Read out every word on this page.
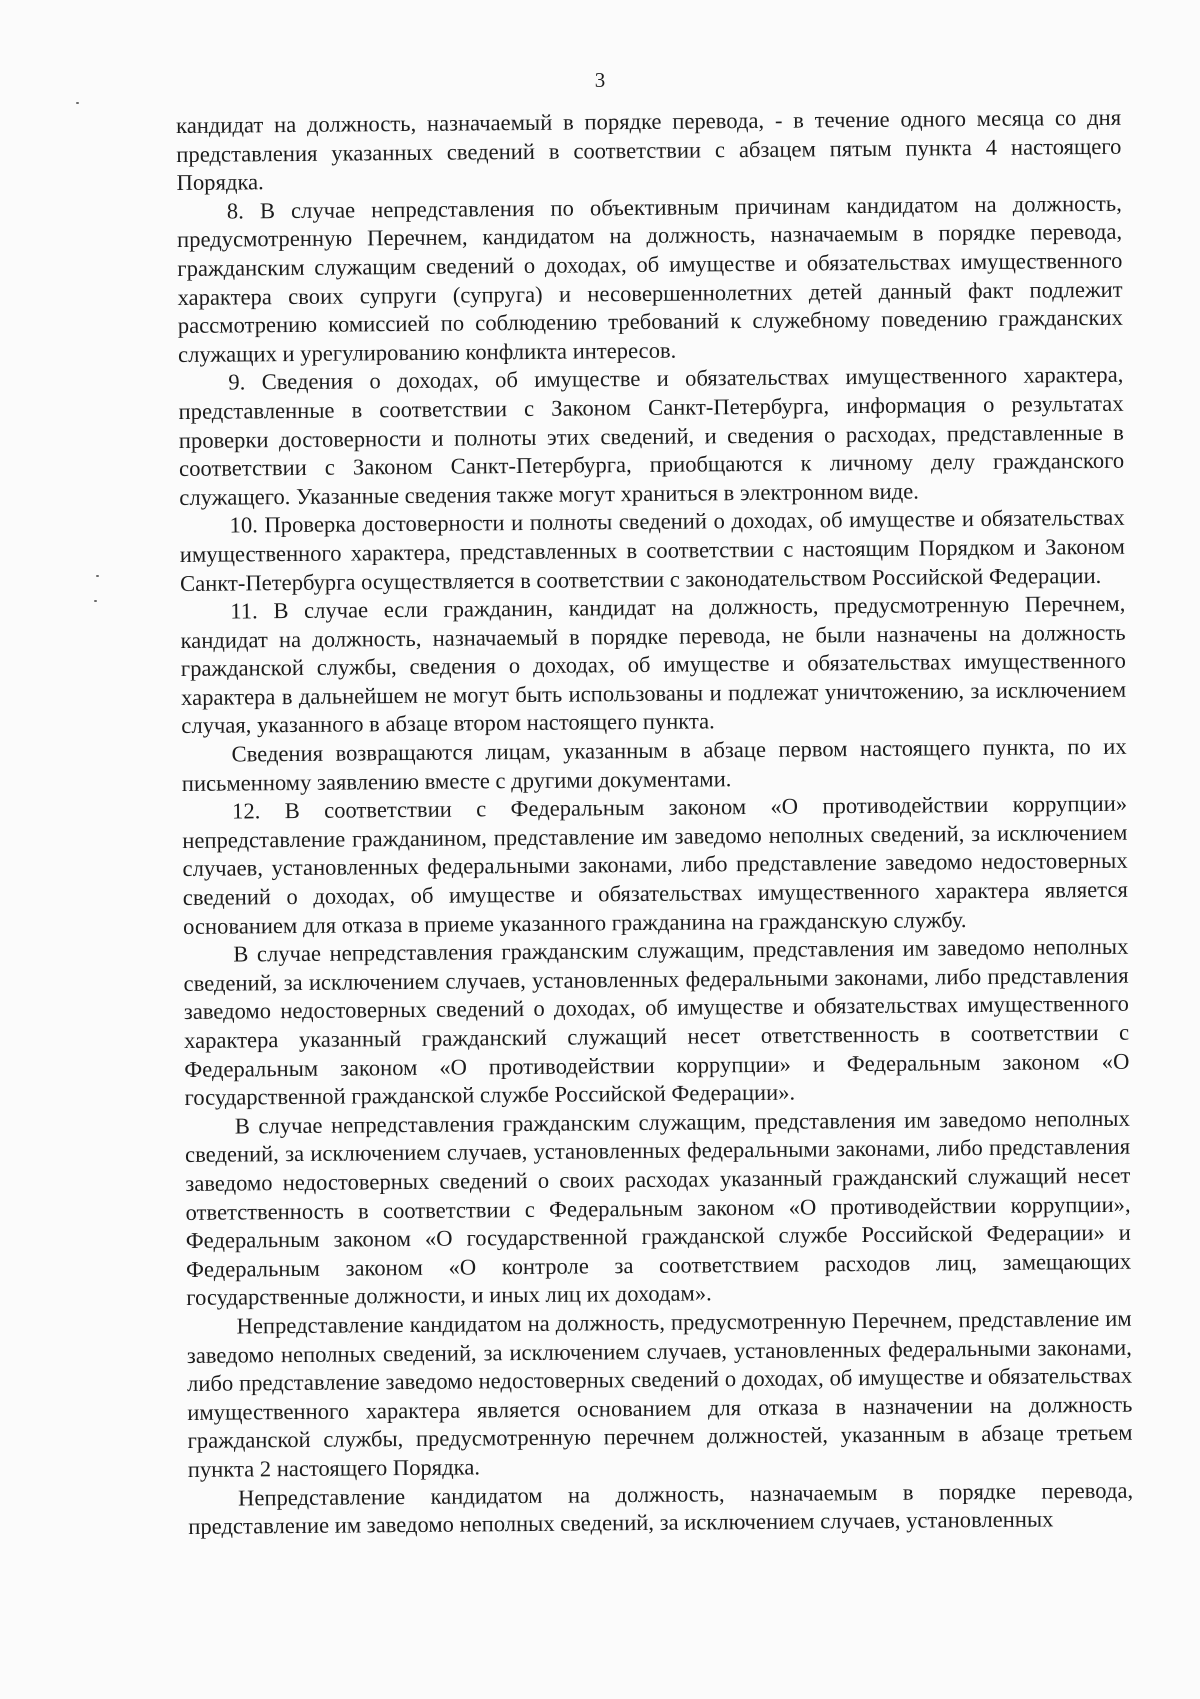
3

кандидат на должность, назначаемый в порядке перевода, - в течение одного месяца со дня представления указанных сведений в соответствии с абзацем пятым пункта 4 настоящего Порядка.

8. В случае непредставления по объективным причинам кандидатом на должность, предусмотренную Перечнем, кандидатом на должность, назначаемым в порядке перевода, гражданским служащим сведений о доходах, об имуществе и обязательствах имущественного характера своих супруги (супруга) и несовершеннолетних детей данный факт подлежит рассмотрению комиссией по соблюдению требований к служебному поведению гражданских служащих и урегулированию конфликта интересов.

9. Сведения о доходах, об имуществе и обязательствах имущественного характера, представленные в соответствии с Законом Санкт-Петербурга, информация о результатах проверки достоверности и полноты этих сведений, и сведения о расходах, представленные в соответствии с Законом Санкт-Петербурга, приобщаются к личному делу гражданского служащего. Указанные сведения также могут храниться в электронном виде.

10. Проверка достоверности и полноты сведений о доходах, об имуществе и обязательствах имущественного характера, представленных в соответствии с настоящим Порядком и Законом Санкт-Петербурга осуществляется в соответствии с законодательством Российской Федерации.

11. В случае если гражданин, кандидат на должность, предусмотренную Перечнем, кандидат на должность, назначаемый в порядке перевода, не были назначены на должность гражданской службы, сведения о доходах, об имуществе и обязательствах имущественного характера в дальнейшем не могут быть использованы и подлежат уничтожению, за исключением случая, указанного в абзаце втором настоящего пункта.

Сведения возвращаются лицам, указанным в абзаце первом настоящего пункта, по их письменному заявлению вместе с другими документами.

12. В соответствии с Федеральным законом «О противодействии коррупции» непредставление гражданином, представление им заведомо неполных сведений, за исключением случаев, установленных федеральными законами, либо представление заведомо недостоверных сведений о доходах, об имуществе и обязательствах имущественного характера является основанием для отказа в приеме указанного гражданина на гражданскую службу.

В случае непредставления гражданским служащим, представления им заведомо неполных сведений, за исключением случаев, установленных федеральными законами, либо представления заведомо недостоверных сведений о доходах, об имуществе и обязательствах имущественного характера указанный гражданский служащий несет ответственность в соответствии с Федеральным законом «О противодействии коррупции» и Федеральным законом «О государственной гражданской службе Российской Федерации».

В случае непредставления гражданским служащим, представления им заведомо неполных сведений, за исключением случаев, установленных федеральными законами, либо представления заведомо недостоверных сведений о своих расходах указанный гражданский служащий несет ответственность в соответствии с Федеральным законом «О противодействии коррупции», Федеральным законом «О государственной гражданской службе Российской Федерации» и Федеральным законом «О контроле за соответствием расходов лиц, замещающих государственные должности, и иных лиц их доходам».

Непредставление кандидатом на должность, предусмотренную Перечнем, представление им заведомо неполных сведений, за исключением случаев, установленных федеральными законами, либо представление заведомо недостоверных сведений о доходах, об имуществе и обязательствах имущественного характера является основанием для отказа в назначении на должность гражданской службы, предусмотренную перечнем должностей, указанным в абзаце третьем пункта 2 настоящего Порядка.

Непредставление кандидатом на должность, назначаемым в порядке перевода, представление им заведомо неполных сведений, за исключением случаев, установленных
